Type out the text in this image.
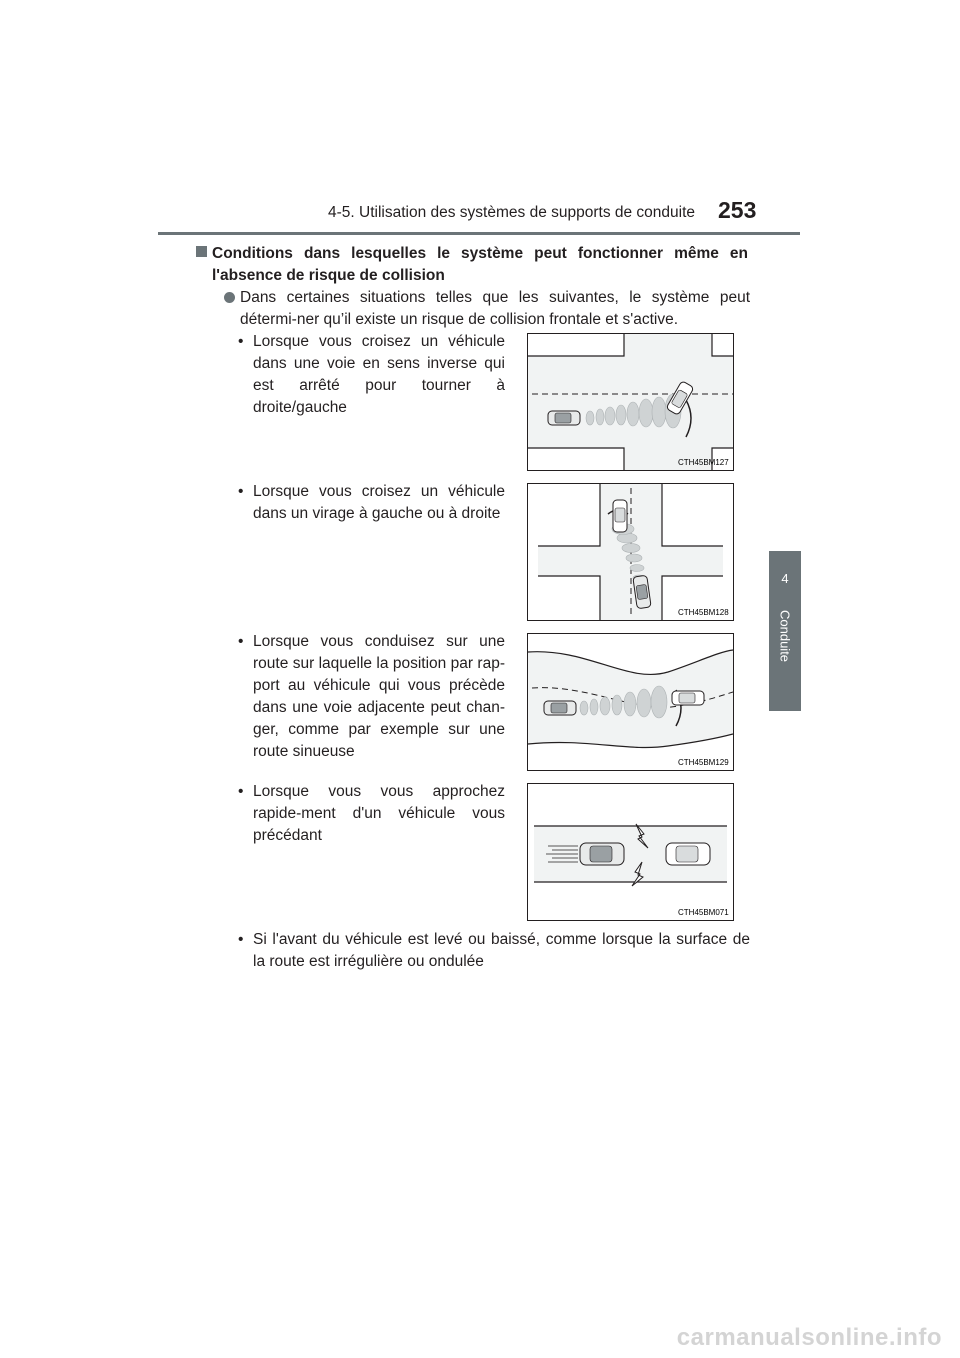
4-5. Utilisation des systèmes de supports de conduite 253
4
Conduite
Conditions dans lesquelles le système peut fonctionner même en l'absence de risque de collision
Dans certaines situations telles que les suivantes, le système peut détermi-ner qu’il existe un risque de collision frontale et s'active.
• Lorsque vous croisez un véhicule dans une voie en sens inverse qui est arrêté pour tourner à droite/gauche
CTH45BM127
• Lorsque vous croisez un véhicule dans un virage à gauche ou à droite
CTH45BM128
• Lorsque vous conduisez sur une route sur laquelle la position par rap-port au véhicule qui vous précède dans une voie adjacente peut chan-ger, comme par exemple sur une route sinueuse
CTH45BM129
• Lorsque vous vous approchez rapide-ment d'un véhicule vous précédant
CTH45BM071
• Si l'avant du véhicule est levé ou baissé, comme lorsque la surface de la route est irrégulière ou ondulée
carmanualsonline.info
